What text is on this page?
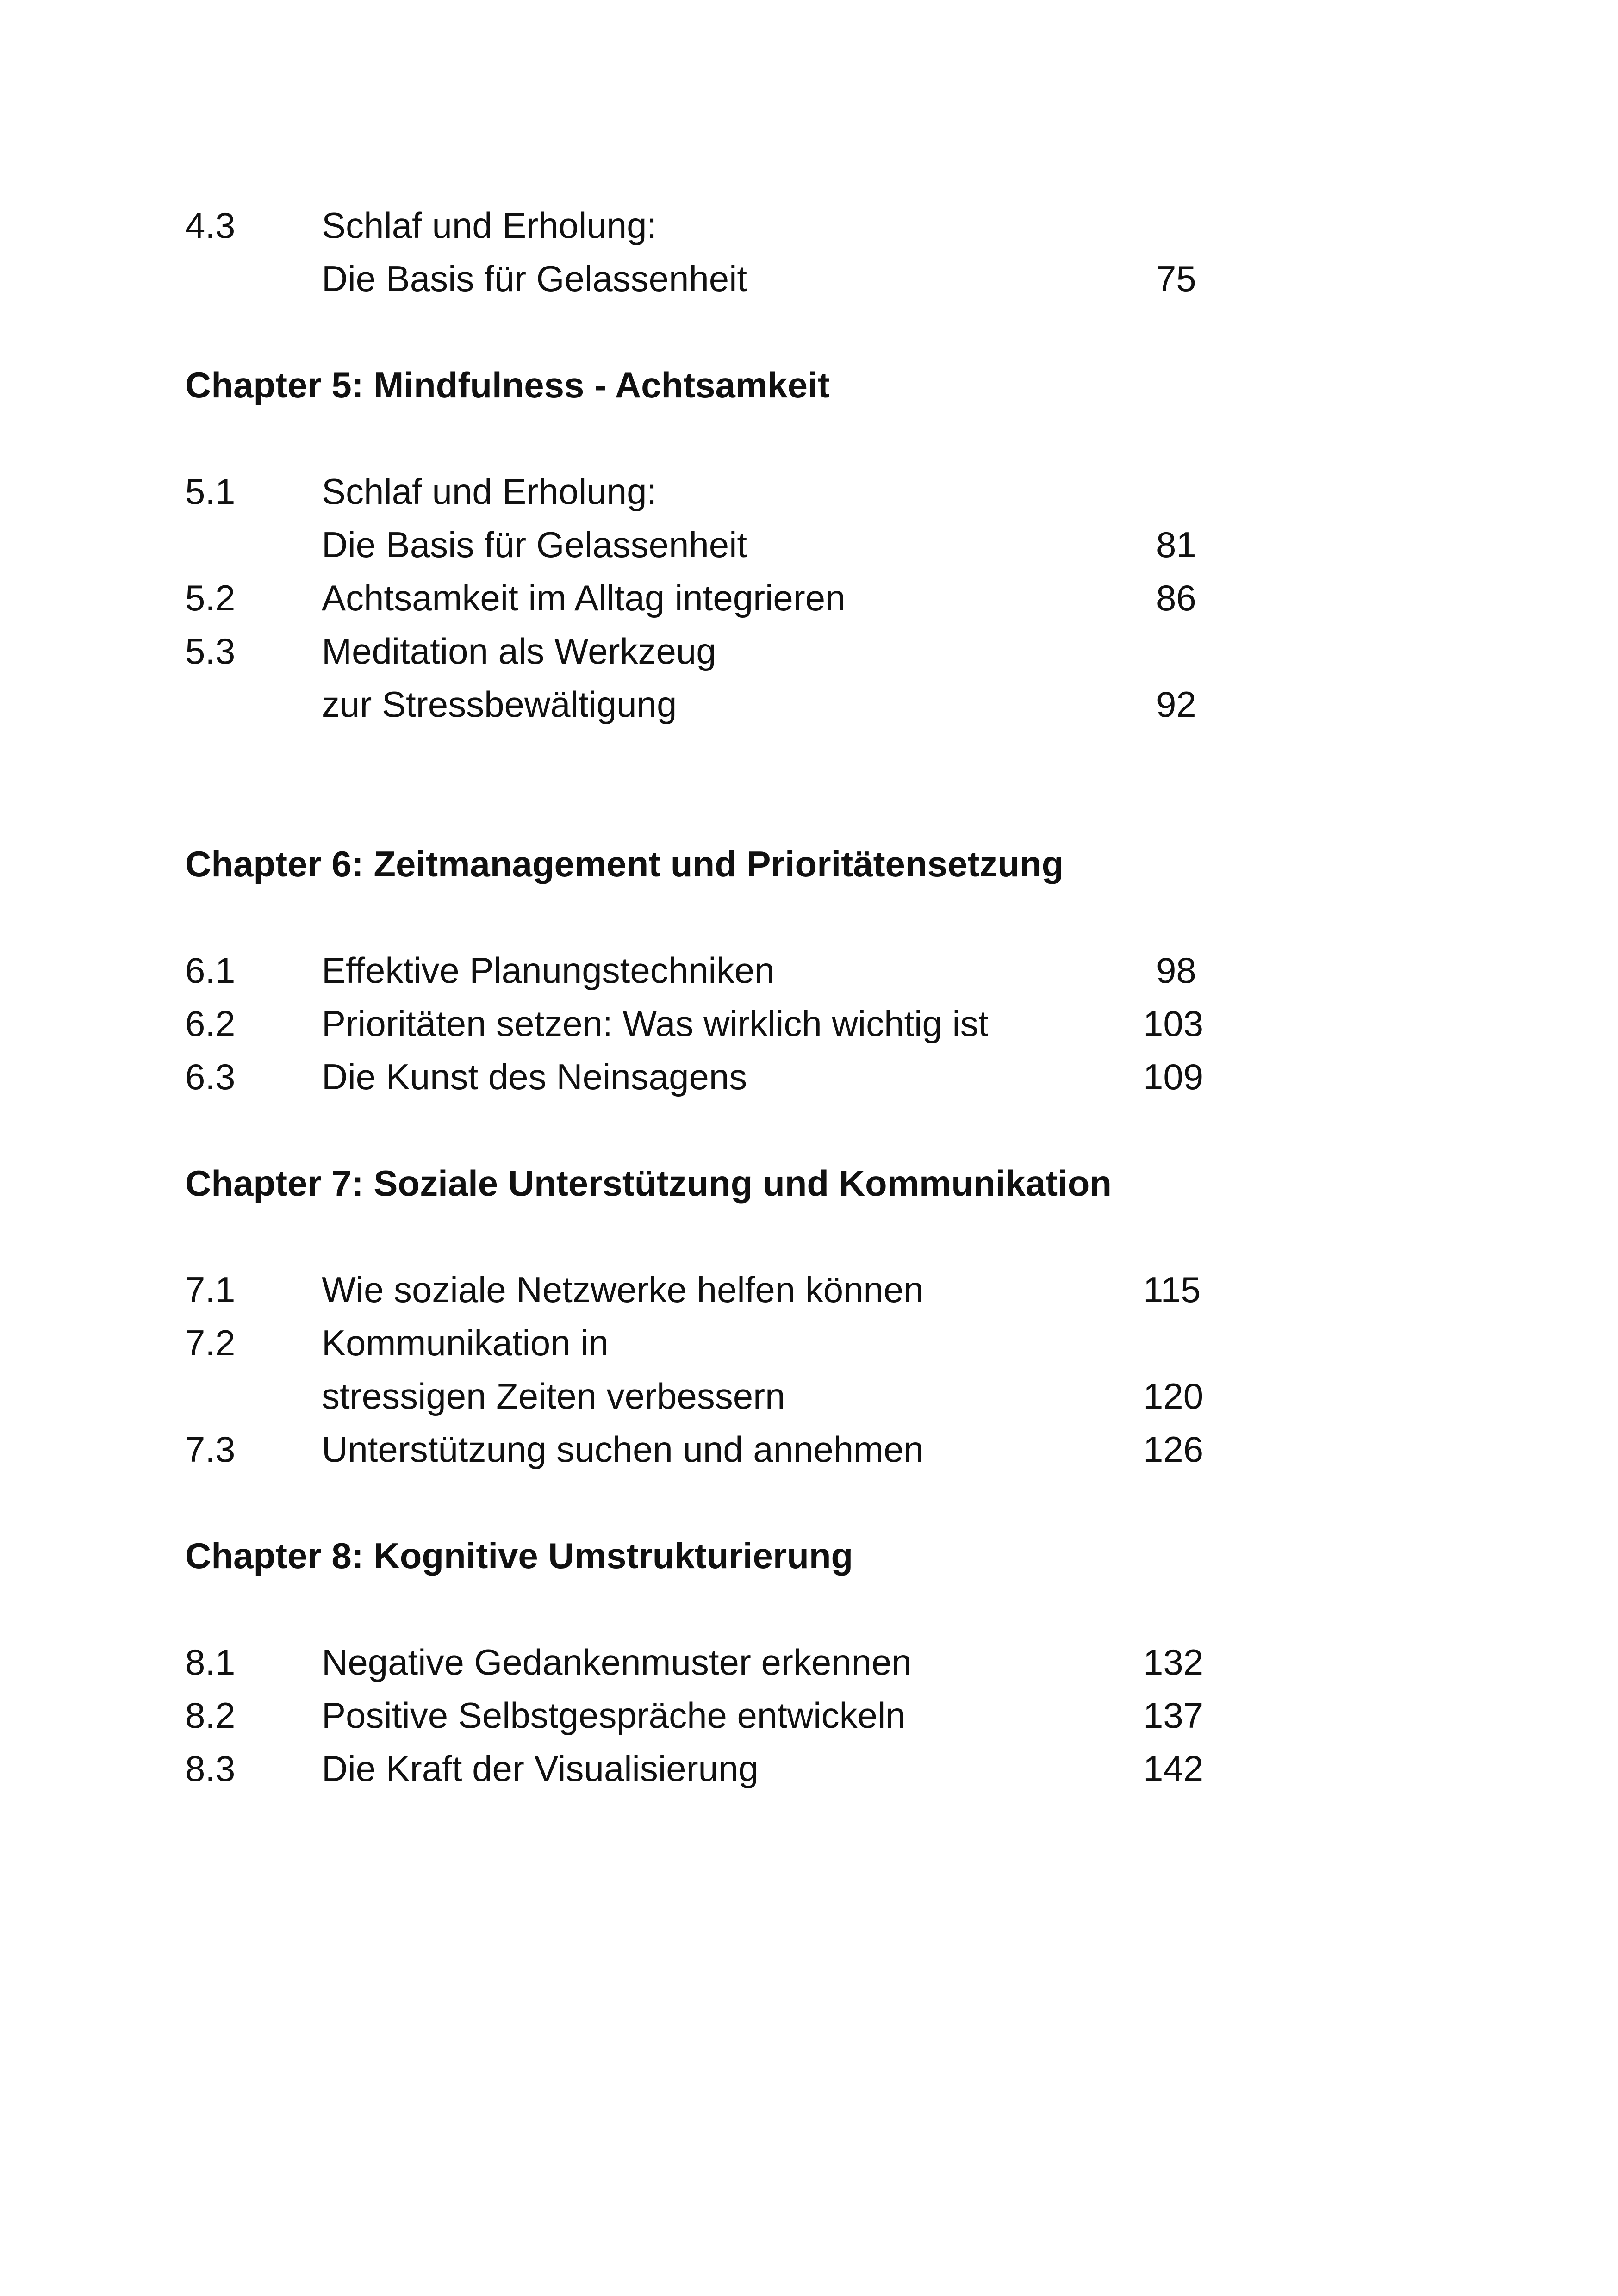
4.3 Schlaf und Erholung:
Die Basis für Gelassenheit	75
Chapter 5: Mindfulness - Achtsamkeit
5.1 Schlaf und Erholung:
Die Basis für Gelassenheit	81
5.2 Achtsamkeit im Alltag integrieren	86
5.3 Meditation als Werkzeug
zur Stressbewältigung	92
Chapter 6: Zeitmanagement und Prioritätensetzung
6.1 Effektive Planungstechniken	98
6.2 Prioritäten setzen: Was wirklich wichtig ist	103
6.3 Die Kunst des Neinsagens	109
Chapter 7: Soziale Unterstützung und Kommunikation
7.1 Wie soziale Netzwerke helfen können	115
7.2 Kommunikation in
stressigen Zeiten verbessern	120
7.3 Unterstützung suchen und annehmen	126
Chapter 8: Kognitive Umstrukturierung
8.1 Negative Gedankenmuster erkennen	132
8.2 Positive Selbstgespräche entwickeln	137
8.3 Die Kraft der Visualisierung	142
